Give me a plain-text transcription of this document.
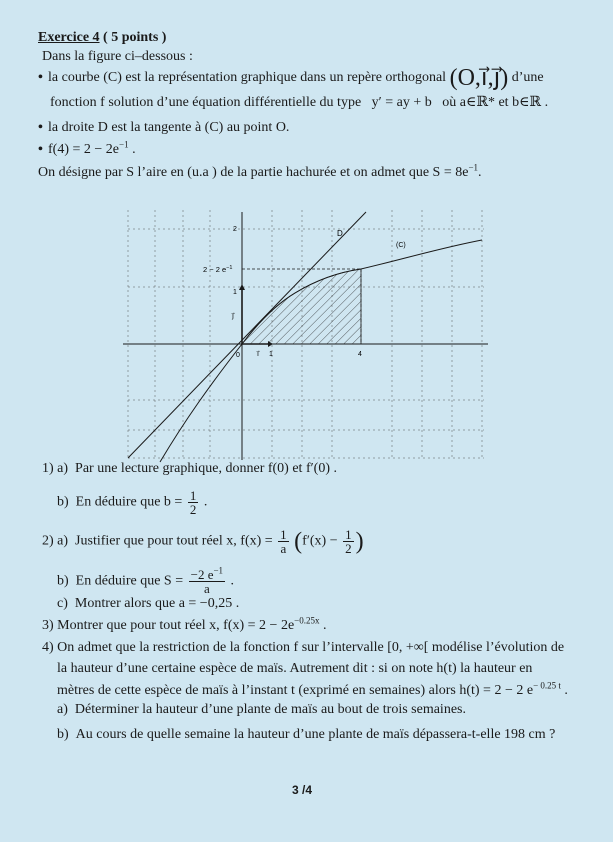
Exercice 4 ( 5 points )
Dans la figure ci–dessous :
• la courbe (C) est la représentation graphique dans un repère orthogonal (O,i⃗,j⃗) d’une
fonction f solution d’une équation différentielle du type y′ = ay + b où a∈ℝ* et b∈ℝ .
• la droite D est la tangente à (C) au point O.
• $f(4) = 2 - 2e^{-1}$ .
On désigne par S l’aire en (u.a ) de la partie hachurée et on admet que $S = 8e^{-1}$.
D
(C)
2
1
2 − 2 $e^{-1}$
4
1
0 i⃗
j⃗
1) a) Par une lecture graphique, donner f(0) et f′(0) .
b) En déduire que $b = \frac{1}{2}$ .
2) a) Justifier que pour tout réel x, $f(x) = \frac{1}{a} (f'(x) - \frac{1}{2}$ )
b) En déduire que $S = \frac{-2 e^{-1}}{a}$ .
c) Montrer alors que a = −0,25 .
3) Montrer que pour tout réel x, $f(x) = 2 - 2e^{-0.25x}$ .
4) On admet que la restriction de la fonction f sur l’intervalle [0, +∞[ modélise l’évolution de
la hauteur d’une certaine espèce de maïs. Autrement dit : si on note h(t) la hauteur en
mètres de cette espèce de maïs à l’instant t (exprimé en semaines) alors h(t) = 2 − 2 $e^{- 0.25 t}$ .
a) Déterminer la hauteur d’une plante de maïs au bout de trois semaines.
b) Au cours de quelle semaine la hauteur d’une plante de maïs dépassera-t-elle 198 cm ?
3 /4
